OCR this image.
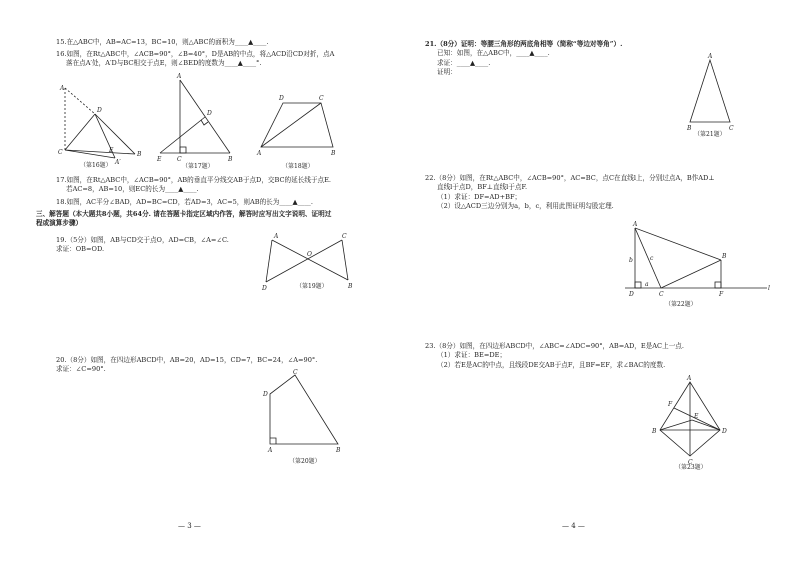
15.在△ABC中，AB=AC=13，BC=10，则△ABC的面积为____▲____.
16.如图，在Rt△ABC中，∠ACB=90°，∠B=40°，D是AB的中点，将△ACD沿CD对折，点A
落在点A′处，A′D与BC相交于点E，则∠BED的度数为____▲____°.
A
C
D
E
B
A′
（第16题）
A
D
E	C	B
（第17题）
D	C
A	B
（第18题）
17.如图，在Rt△ABC中，∠ACB=90°，AB的垂直平分线交AB于点D，交BC的延长线于点E.
若AC=8，AB=10，则EC的长为____▲____.
18.如图，AC平分∠BAD，AD=BC=CD，若AD=3，AC=5，则AB的长为____▲____.
三、解答题（本大题共8小题，共64分. 请在答题卡指定区域内作答，解答时应写出文字说明、证明过
程或演算步骤）
19.（5分）如图，AB与CD交于点O，AD=CB，∠A=∠C.
求证：OB=OD.
A	C
O
D	B
（第19题）
20.（8分）如图，在四边形ABCD中，AB=20，AD=15，CD=7，BC=24，∠A=90°.
求证：∠C=90°.	C
D
A	B
（第20题）
— 3 —
21.（8分）证明：等腰三角形的两底角相等（简称“等边对等角”）.
已知：如图，在△ABC中，____▲____.
求证：____▲____.
证明：
A
B	C
（第21题）
22.（8分）如图，在Rt△ABC中，∠ACB=90°，AC=BC，点C在直线l上，分别过点A，B作AD⊥
直线l于点D，BF⊥直线l于点F.
（1）求证：DF=AD+BF；
（2）设△ACD三边分别为a，b，c，利用此图证明勾股定理.
A
B
D	C	F
l
b	c
a
（第22题）
23.（8分）如图，在四边形ABCD中，∠ABC=∠ADC=90°，AB=AD，E是AC上一点.
（1）求证：BE=DE；
（2）若E是AC的中点，且线段DE交AB于点F，且BF=EF，求∠BAC的度数.
A
F
E
B	D
C
（第23题）
— 4 —
